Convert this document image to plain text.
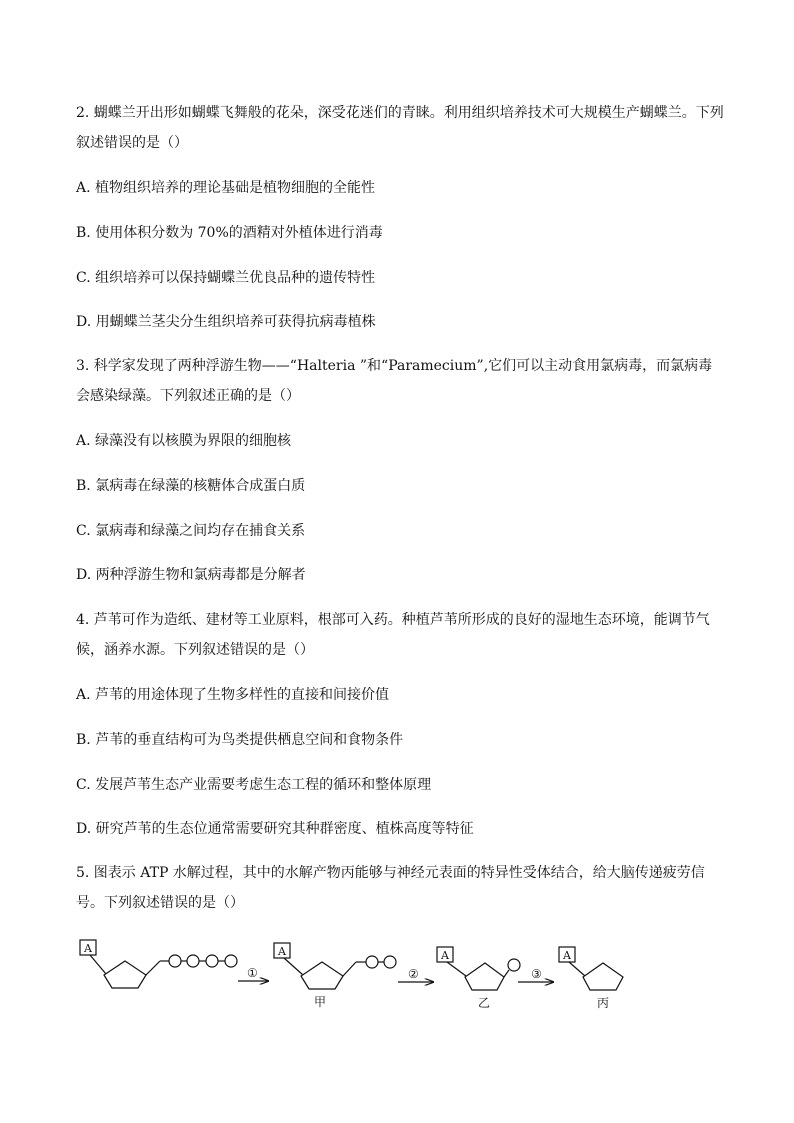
2. 蝴蝶兰开出形如蝴蝶飞舞般的花朵，深受花迷们的青睐。利用组织培养技术可大规模生产蝴蝶兰。下列叙述错误的是（）

A. 植物组织培养的理论基础是植物细胞的全能性

B. 使用体积分数为 70%的酒精对外植体进行消毒

C. 组织培养可以保持蝴蝶兰优良品种的遗传特性

D. 用蝴蝶兰茎尖分生组织培养可获得抗病毒植株

3. 科学家发现了两种浮游生物——“Halteria ”和“Paramecium”,它们可以主动食用氯病毒，而氯病毒会感染绿藻。下列叙述正确的是（）

A. 绿藻没有以核膜为界限的细胞核

B. 氯病毒在绿藻的核糖体合成蛋白质

C. 氯病毒和绿藻之间均存在捕食关系

D. 两种浮游生物和氯病毒都是分解者

4. 芦苇可作为造纸、建材等工业原料，根部可入药。种植芦苇所形成的良好的湿地生态环境，能调节气候，涵养水源。下列叙述错误的是（）

A. 芦苇的用途体现了生物多样性的直接和间接价值

B. 芦苇的垂直结构可为鸟类提供栖息空间和食物条件

C. 发展芦苇生态产业需要考虑生态工程的循环和整体原理

D. 研究芦苇的生态位通常需要研究其种群密度、植株高度等特征

5. 图表示 ATP 水解过程，其中的水解产物丙能够与神经元表面的特异性受体结合，给大脑传递疲劳信号。下列叙述错误的是（）

A	A	A	A
①	②	③
甲	乙	丙
